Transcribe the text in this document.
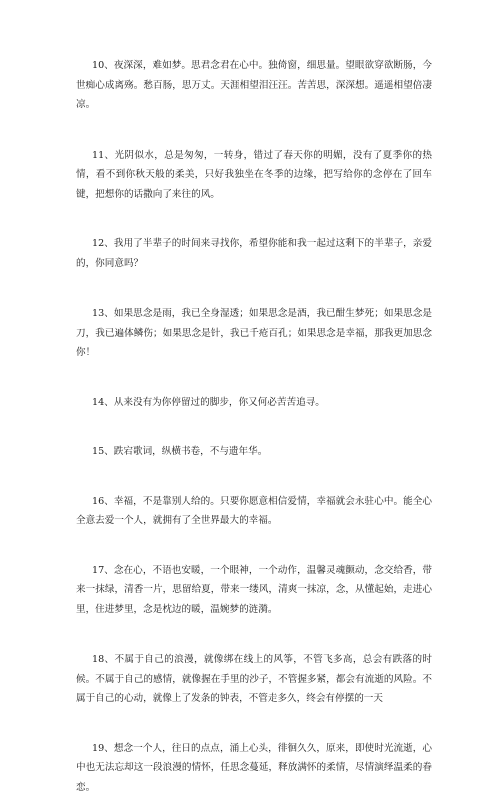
10、夜深深，难如梦。思君念君在心中。独倚窗，细思量。望眼欲穿欲断肠，今世痴心成离殇。愁百肠，思万丈。天涯相望泪汪汪。苦苦思，深深想。遥遥相望倍凄凉。

11、光阴似水，总是匆匆，一转身，错过了春天你的明媚，没有了夏季你的热情，看不到你秋天般的柔美，只好我独坐在冬季的边缘，把写给你的念停在了回车键，把想你的话撒向了来往的风。

12、我用了半辈子的时间来寻找你，希望你能和我一起过这剩下的半辈子，亲爱的，你同意吗？

13、如果思念是雨，我已全身湿透；如果思念是酒，我已酣生梦死；如果思念是刀，我已遍体鳞伤；如果思念是针，我已千疮百孔；如果思念是幸福，那我更加思念你！

14、从来没有为你停留过的脚步，你又何必苦苦追寻。

15、跌宕歌词，纵横书卷，不与遗年华。

16、幸福，不是靠别人给的。只要你愿意相信爱情，幸福就会永驻心中。能全心全意去爱一个人，就拥有了全世界最大的幸福。

17、念在心，不语也安暖，一个眼神，一个动作，温馨灵魂颤动，念交给香，带来一抹绿，清香一片，思留给夏，带来一缕风，清爽一抹凉，念，从懂起始，走进心里，住进梦里，念是枕边的暖，温婉梦的涟漪。

18、不属于自己的浪漫，就像绑在线上的风筝，不管飞多高，总会有跌落的时候。不属于自己的感情，就像握在手里的沙子，不管握多紧，都会有流逝的风险。不属于自己的心动，就像上了发条的钟表，不管走多久，终会有停摆的一天

19、想念一个人，往日的点点，涌上心头，徘徊久久，原来，即使时光流逝，心中也无法忘却这一段浪漫的情怀，任思念蔓延，释放满怀的柔情，尽情演绎温柔的眷恋。
